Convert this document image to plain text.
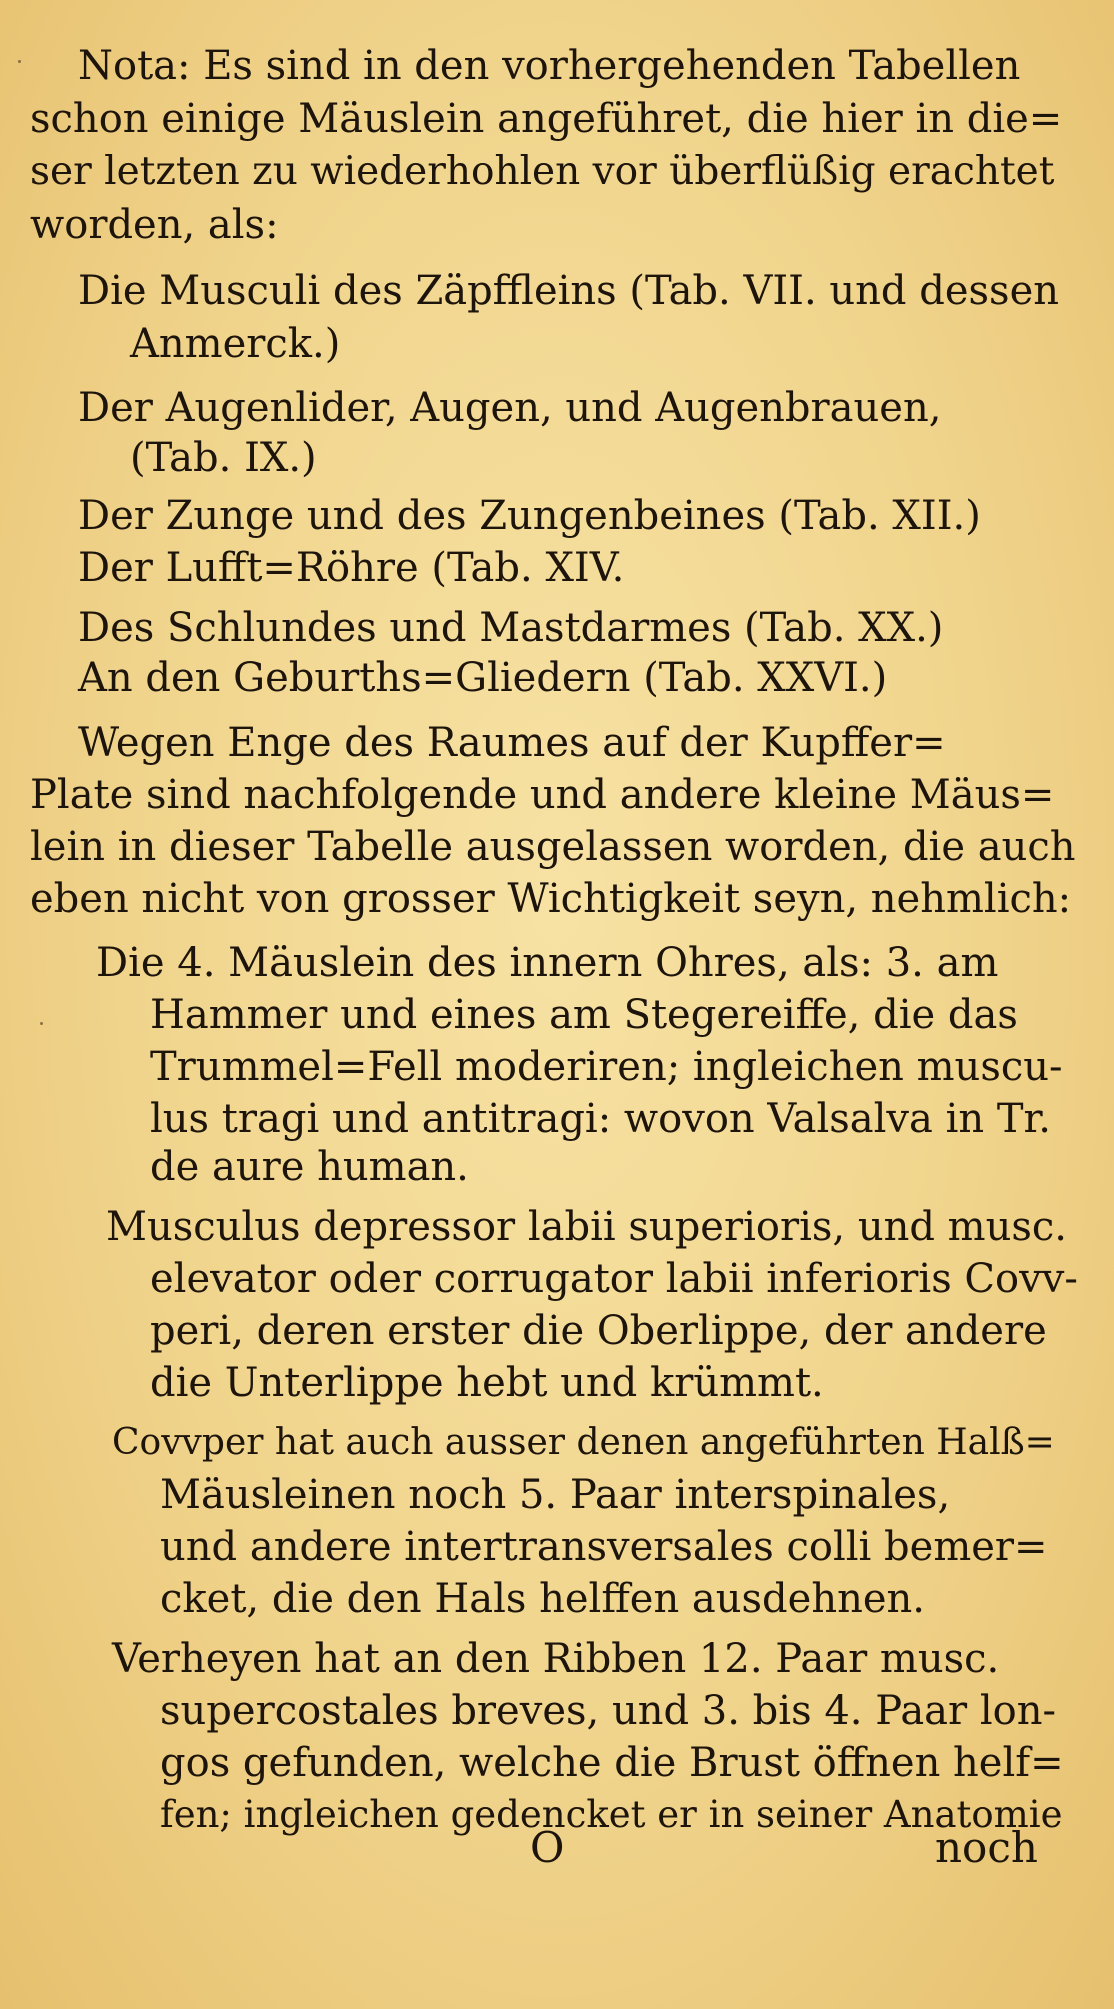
Nota: Es sind in den vorhergehenden Tabellen

schon einige Mäuslein angeführet, die hier in die=

ser letzten zu wiederhohlen vor überflüßig erachtet

worden, als:

Die Musculi des Zäpffleins (Tab. VII. und dessen

Anmerck.)

Der Augenlider, Augen, und Augenbrauen,

(Tab. IX.)

Der Zunge und des Zungenbeines (Tab. XII.)

Der Lufft=Röhre (Tab. XIV.

Des Schlundes und Mastdarmes (Tab. XX.)

An den Geburths=Gliedern (Tab. XXVI.)

Wegen Enge des Raumes auf der Kupffer=

Plate sind nachfolgende und andere kleine Mäus=

lein in dieser Tabelle ausgelassen worden, die auch

eben nicht von grosser Wichtigkeit seyn, nehmlich:

Die 4. Mäuslein des innern Ohres, als: 3. am

Hammer und eines am Stegereiffe, die das

Trummel=Fell moderiren; ingleichen muscu-

lus tragi und antitragi: wovon Valsalva in Tr.

de aure human.

Musculus depressor labii superioris, und musc.

elevator oder corrugator labii inferioris Covv-

peri, deren erster die Oberlippe, der andere

die Unterlippe hebt und krümmt.

Covvper hat auch ausser denen angeführten Halß=

Mäusleinen noch 5. Paar interspinales,

und andere intertransversales colli bemer=

cket, die den Hals helffen ausdehnen.

Verheyen hat an den Ribben 12. Paar musc.

supercostales breves, und 3. bis 4. Paar lon-

gos gefunden, welche die Brust öffnen helf=

fen; ingleichen gedencket er in seiner Anatomie

O	noch
